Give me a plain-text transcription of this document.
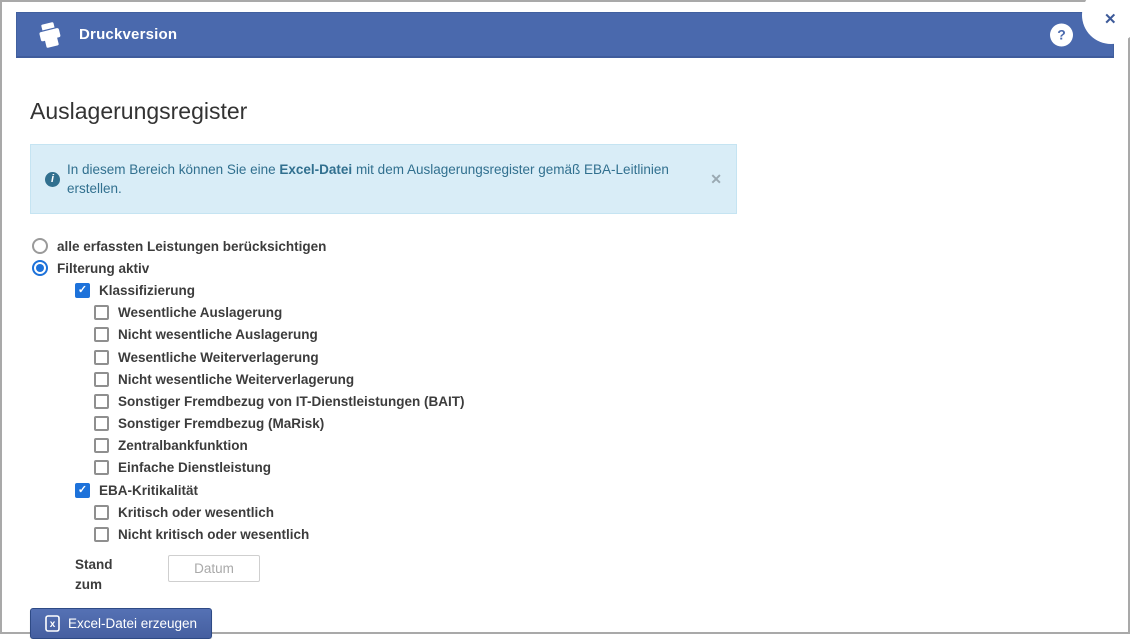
Druckversion	?
✕
Auslagerungsregister
i
In diesem Bereich können Sie eine Excel-Datei mit dem Auslagerungsregister gemäß EBA-Leitlinien erstellen.
✕
alle erfassten Leistungen berücksichtigen
Filterung aktiv
✓
Klassifizierung
Wesentliche Auslagerung
Nicht wesentliche Auslagerung
Wesentliche Weiterverlagerung
Nicht wesentliche Weiterverlagerung
Sonstiger Fremdbezug von IT-Dienstleistungen (BAIT)
Sonstiger Fremdbezug (MaRisk)
Zentralbankfunktion
Einfache Dienstleistung
✓
EBA-Kritikalität
Kritisch oder wesentlich
Nicht kritisch oder wesentlich
Stand zum
Datum
x Excel-Datei erzeugen
